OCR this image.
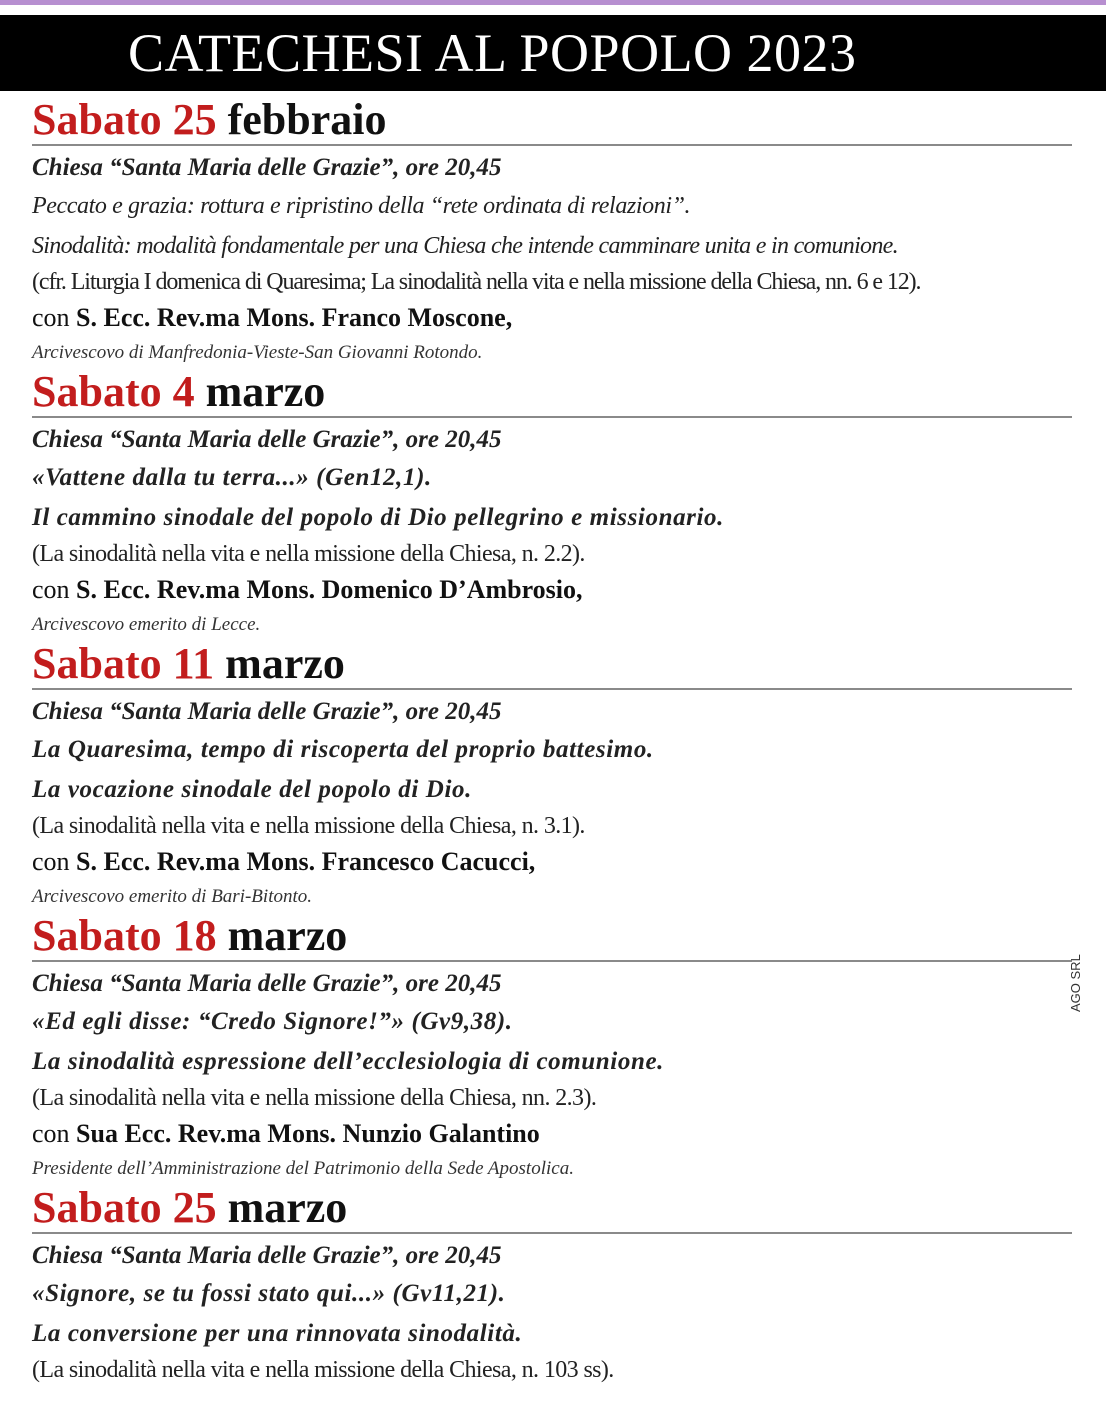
CATECHESI AL POPOLO 2023
Sabato 25 febbraio
Chiesa “Santa Maria delle Grazie”, ore 20,45
Peccato e grazia: rottura e ripristino della “rete ordinata di relazioni”.
Sinodalità: modalità fondamentale per una Chiesa che intende camminare unita e in comunione.
(cfr. Liturgia I domenica di Quaresima; La sinodalità nella vita e nella missione della Chiesa, nn. 6 e 12).
con S. Ecc. Rev.ma Mons. Franco Moscone,
Arcivescovo di Manfredonia-Vieste-San Giovanni Rotondo.
Sabato 4 marzo
Chiesa “Santa Maria delle Grazie”, ore 20,45
«Vattene dalla tu terra...» (Gen12,1).
Il cammino sinodale del popolo di Dio pellegrino e missionario.
(La sinodalità nella vita e nella missione della Chiesa, n. 2.2).
con S. Ecc. Rev.ma Mons. Domenico D’Ambrosio,
Arcivescovo emerito di Lecce.
Sabato 11 marzo
Chiesa “Santa Maria delle Grazie”, ore 20,45
La Quaresima, tempo di riscoperta del proprio battesimo.
La vocazione sinodale del popolo di Dio.
(La sinodalità nella vita e nella missione della Chiesa, n. 3.1).
con S. Ecc. Rev.ma Mons. Francesco Cacucci,
Arcivescovo emerito di Bari-Bitonto.
Sabato 18 marzo
Chiesa “Santa Maria delle Grazie”, ore 20,45
«Ed egli disse: “Credo Signore!”» (Gv9,38).
La sinodalità espressione dell’ecclesiologia di comunione.
(La sinodalità nella vita e nella missione della Chiesa, nn. 2.3).
con Sua Ecc. Rev.ma Mons. Nunzio Galantino
Presidente dell’Amministrazione del Patrimonio della Sede Apostolica.
Sabato 25 marzo
Chiesa “Santa Maria delle Grazie”, ore 20,45
«Signore, se tu fossi stato qui...» (Gv11,21).
La conversione per una rinnovata sinodalità.
(La sinodalità nella vita e nella missione della Chiesa, n. 103 ss).
AGO SRL
